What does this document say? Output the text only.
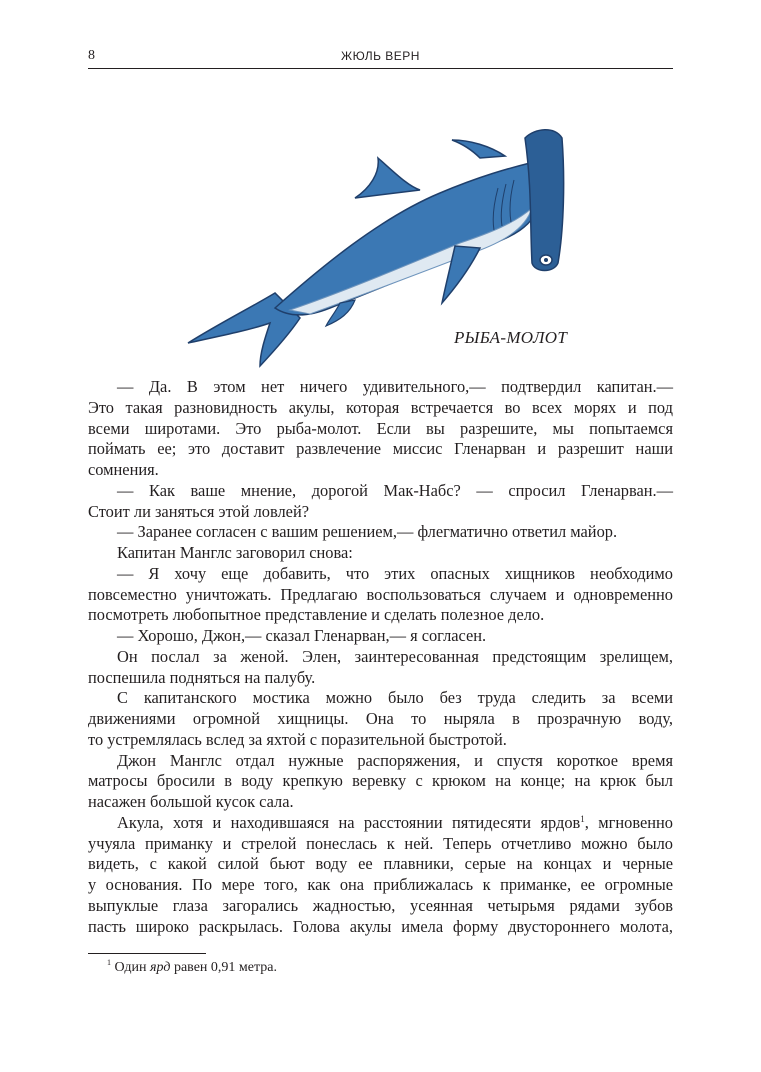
8	ЖЮЛЬ ВЕРН
РЫБА-МОЛОТ
— Да. В этом нет ничего удивительного,— подтвердил капитан.—
Это такая разновидность акулы, которая встречается во всех морях и под
всеми широтами. Это рыба-молот. Если вы разрешите, мы попытаемся
поймать ее; это доставит развлечение миссис Гленарван и разрешит наши
сомнения.
— Как ваше мнение, дорогой Мак-Набс? — спросил Гленарван.—
Стоит ли заняться этой ловлей?
— Заранее согласен с вашим решением,— флегматично ответил майор.
Капитан Манглс заговорил снова:
— Я хочу еще добавить, что этих опасных хищников необходимо
повсеместно уничтожать. Предлагаю воспользоваться случаем и одновременно
посмотреть любопытное представление и сделать полезное дело.
— Хорошо, Джон,— сказал Гленарван,— я согласен.
Он послал за женой. Элен, заинтересованная предстоящим зрелищем,
поспешила подняться на палубу.
С капитанского мостика можно было без труда следить за всеми
движениями огромной хищницы. Она то ныряла в прозрачную воду,
то устремлялась вслед за яхтой с поразительной быстротой.
Джон Манглс отдал нужные распоряжения, и спустя короткое время
матросы бросили в воду крепкую веревку с крюком на конце; на крюк был
насажен большой кусок сала.
Акула, хотя и находившаяся на расстоянии пятидесяти ярдов$^1$, мгновенно
учуяла приманку и стрелой понеслась к ней. Теперь отчетливо можно было
видеть, с какой силой бьют воду ее плавники, серые на концах и черные
у основания. По мере того, как она приближалась к приманке, ее огромные
выпуклые глаза загорались жадностью, усеянная четырьмя рядами зубов
пасть широко раскрылась. Голова акулы имела форму двустороннего молота,
$^1$ Один ярд равен 0,91 метра.
